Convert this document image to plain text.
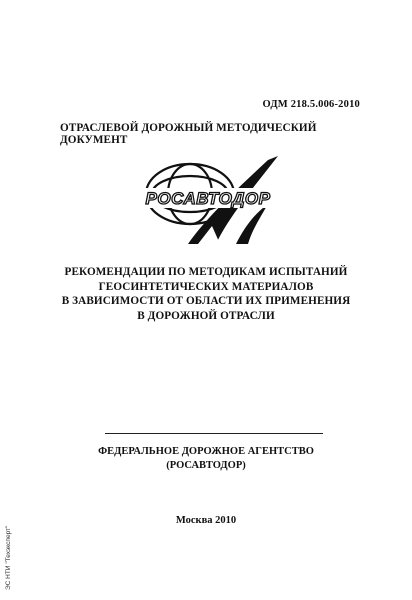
ОДМ 218.5.006-2010
ОТРАСЛЕВОЙ ДОРОЖНЫЙ МЕТОДИЧЕСКИЙ ДОКУМЕНТ
РОСАВТОДОР
РЕКОМЕНДАЦИИ ПО МЕТОДИКАМ ИСПЫТАНИЙ
ГЕОСИНТЕТИЧЕСКИХ МАТЕРИАЛОВ
В ЗАВИСИМОСТИ ОТ ОБЛАСТИ ИХ ПРИМЕНЕНИЯ
В ДОРОЖНОЙ ОТРАСЛИ
ФЕДЕРАЛЬНОЕ ДОРОЖНОЕ АГЕНТСТВО
(РОСАВТОДОР)
Москва 2010
ЭС НТИ "Техэксперт"
